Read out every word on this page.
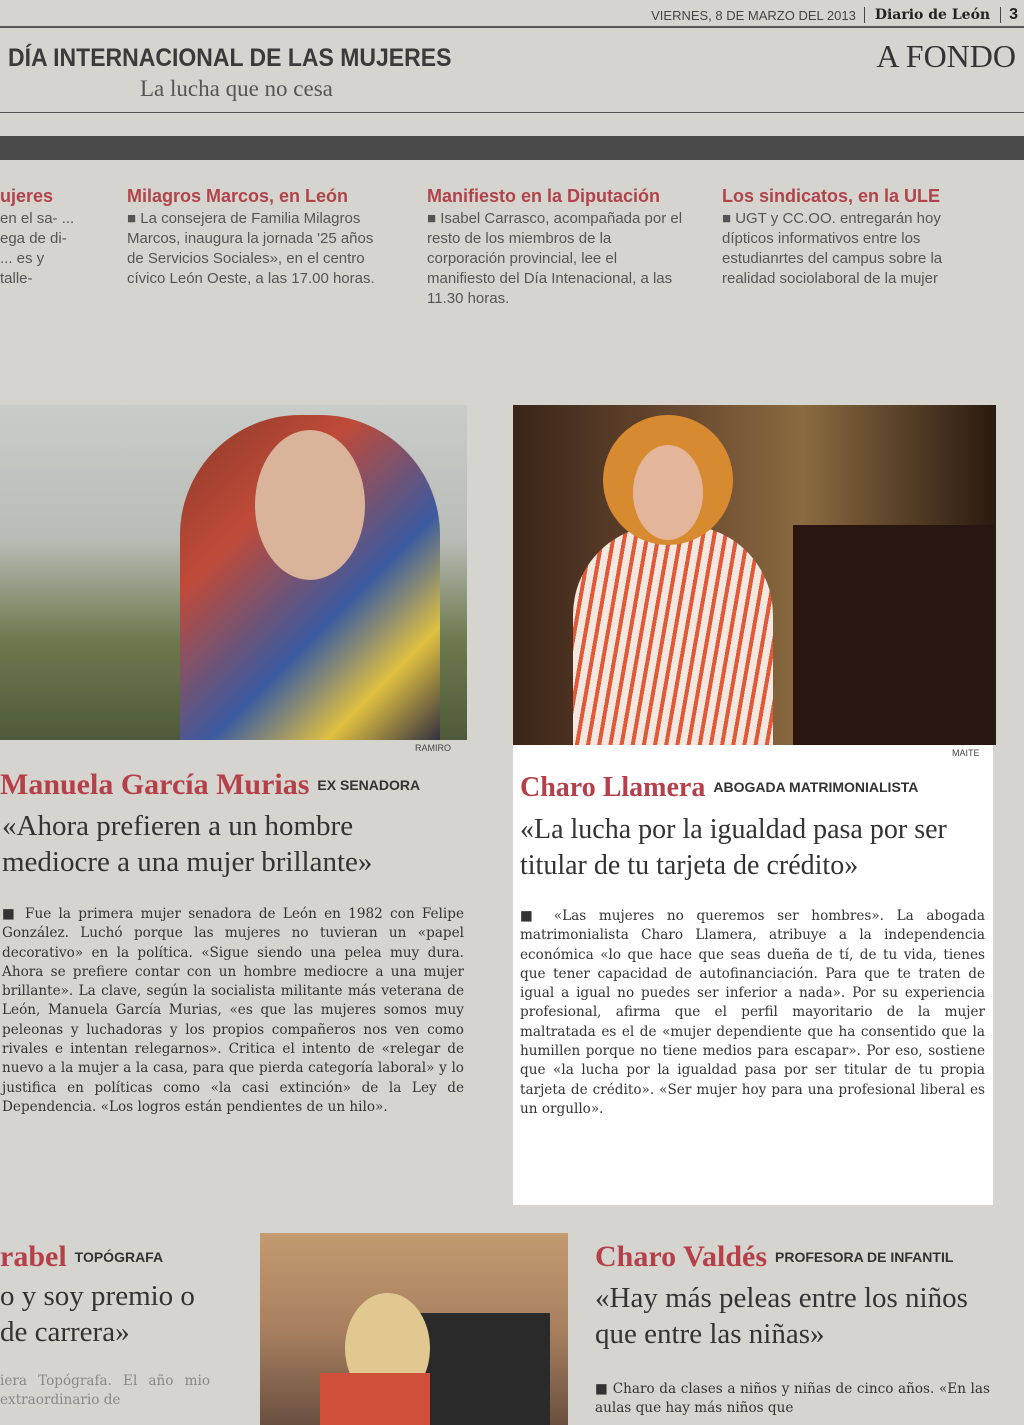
VIERNES, 8 DE MARZO DEL 2013	Diario de León	3
DÍA INTERNACIONAL DE LAS MUJERES
La lucha que no cesa
A FONDO
ujeres

en el sa- ... ega de di- ... es y talle-

Milagros Marcos, en León

■ La consejera de Familia Milagros Marcos, inaugura la jornada '25 años de Servicios Sociales», en el centro cívico León Oeste, a las 17.00 horas.

Manifiesto en la Diputación

■ Isabel Carrasco, acompañada por el resto de los miembros de la corporación provincial, lee el manifiesto del Día Intenacional, a las 11.30 horas.

Los sindicatos, en la ULE

■ UGT y CC.OO. entregarán hoy dípticos informativos entre los estudianrtes del campus sobre la realidad sociolaboral de la mujer

RAMIRO
Manuela García Murias EX SENADORA
«Ahora prefieren a un hombre mediocre a una mujer brillante»
■ Fue la primera mujer senadora de León en 1982 con Felipe González. Luchó porque las mujeres no tuvieran un «papel decorativo» en la política. «Sigue siendo una pelea muy dura. Ahora se prefiere contar con un hombre mediocre a una mujer brillante». La clave, según la socialista militante más veterana de León, Manuela García Murias, «es que las mujeres somos muy peleonas y luchadoras y los propios compañeros nos ven como rivales e intentan relegarnos». Critica el intento de «relegar de nuevo a la mujer a la casa, para que pierda categoría laboral» y lo justifica en políticas como «la casi extinción» de la Ley de Dependencia. «Los logros están pendientes de un hilo».
MAITE
Charo Llamera ABOGADA MATRIMONIALISTA
«La lucha por la igualdad pasa por ser titular de tu tarjeta de crédito»
■ «Las mujeres no queremos ser hombres». La abogada matrimonialista Charo Llamera, atribuye a la independencia económica «lo que hace que seas dueña de tí, de tu vida, tienes que tener capacidad de autofinanciación. Para que te traten de igual a igual no puedes ser inferior a nada». Por su experiencia profesional, afirma que el perfil mayoritario de la mujer maltratada es el de «mujer dependiente que ha consentido que la humillen porque no tiene medios para escapar». Por eso, sostiene que «la lucha por la igualdad pasa por ser titular de tu propia tarjeta de crédito». «Ser mujer hoy para una profesional liberal es un orgullo».
rabel TOPÓGRAFA
o y soy premio o de carrera»
iera Topógrafa. El año mio extraordinario de
Charo Valdés PROFESORA DE INFANTIL
«Hay más peleas entre los niños que entre las niñas»
■ Charo da clases a niños y niñas de cinco años. «En las aulas que hay más niños que
